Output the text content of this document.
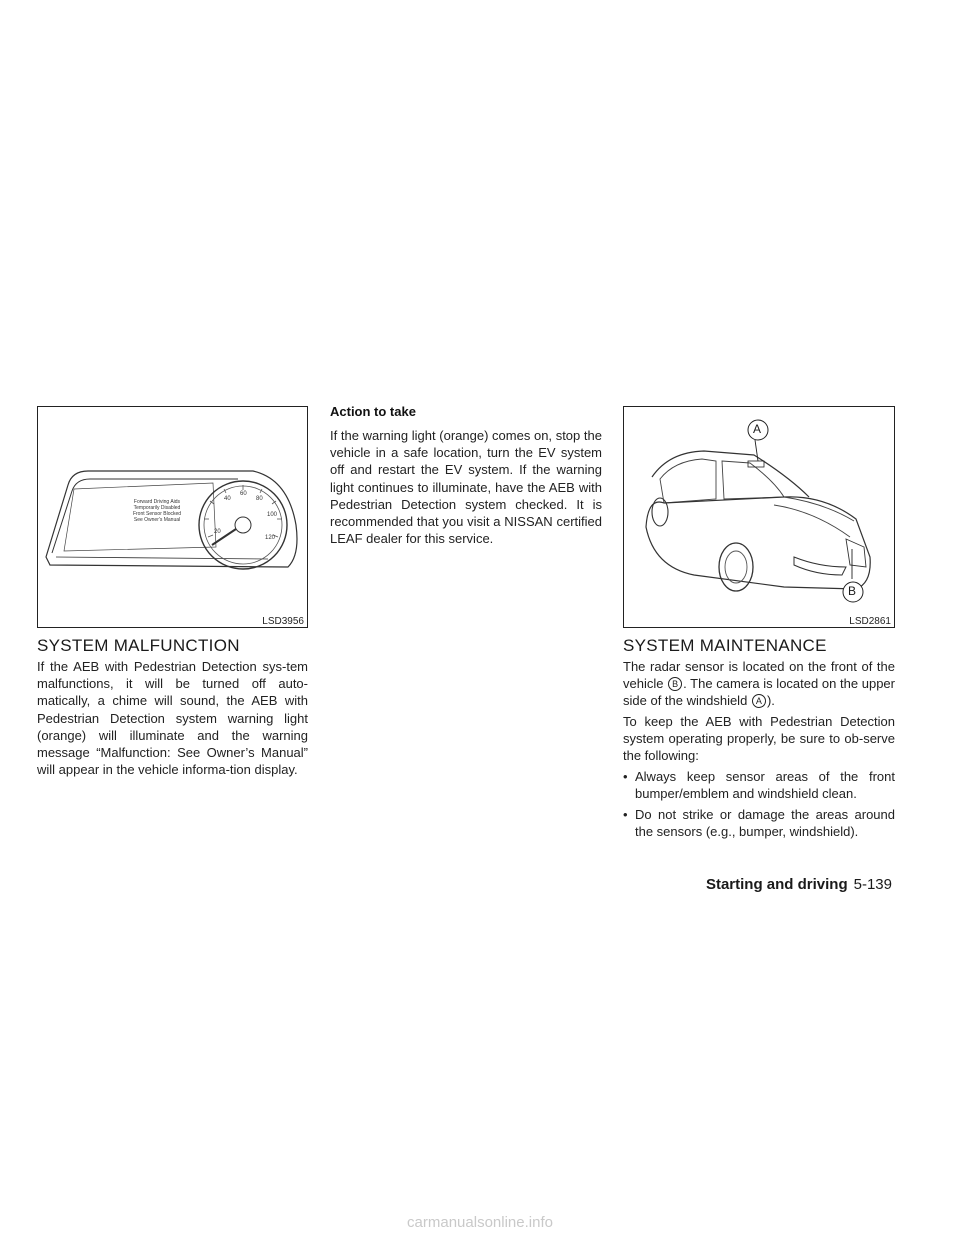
Forward Driving Aids
Temporarily Disabled
Front Sensor Blocked
See Owner's Manual
20
40
60
80
100
120
LSD3956
SYSTEM MALFUNCTION

If the AEB with Pedestrian Detection sys-tem malfunctions, it will be turned off auto-matically, a chime will sound, the AEB with Pedestrian Detection system warning light (orange) will illuminate and the warning message “Malfunction: See Owner’s Manual” will appear in the vehicle informa-tion display.

Action to take

If the warning light (orange) comes on, stop the vehicle in a safe location, turn the EV system off and restart the EV system. If the warning light continues to illuminate, have the AEB with Pedestrian Detection system checked. It is recommended that you visit a NISSAN certified LEAF dealer for this service.

A
B
LSD2861
SYSTEM MAINTENANCE

The radar sensor is located on the front of the vehicle B . The camera is located on the upper side of the windshield A ).

To keep the AEB with Pedestrian Detection system operating properly, be sure to ob-serve the following:

• Always keep sensor areas of the front bumper/emblem and windshield clean.

• Do not strike or damage the areas around the sensors (e.g., bumper, windshield).

Starting and driving 5-139
carmanualsonline.info
